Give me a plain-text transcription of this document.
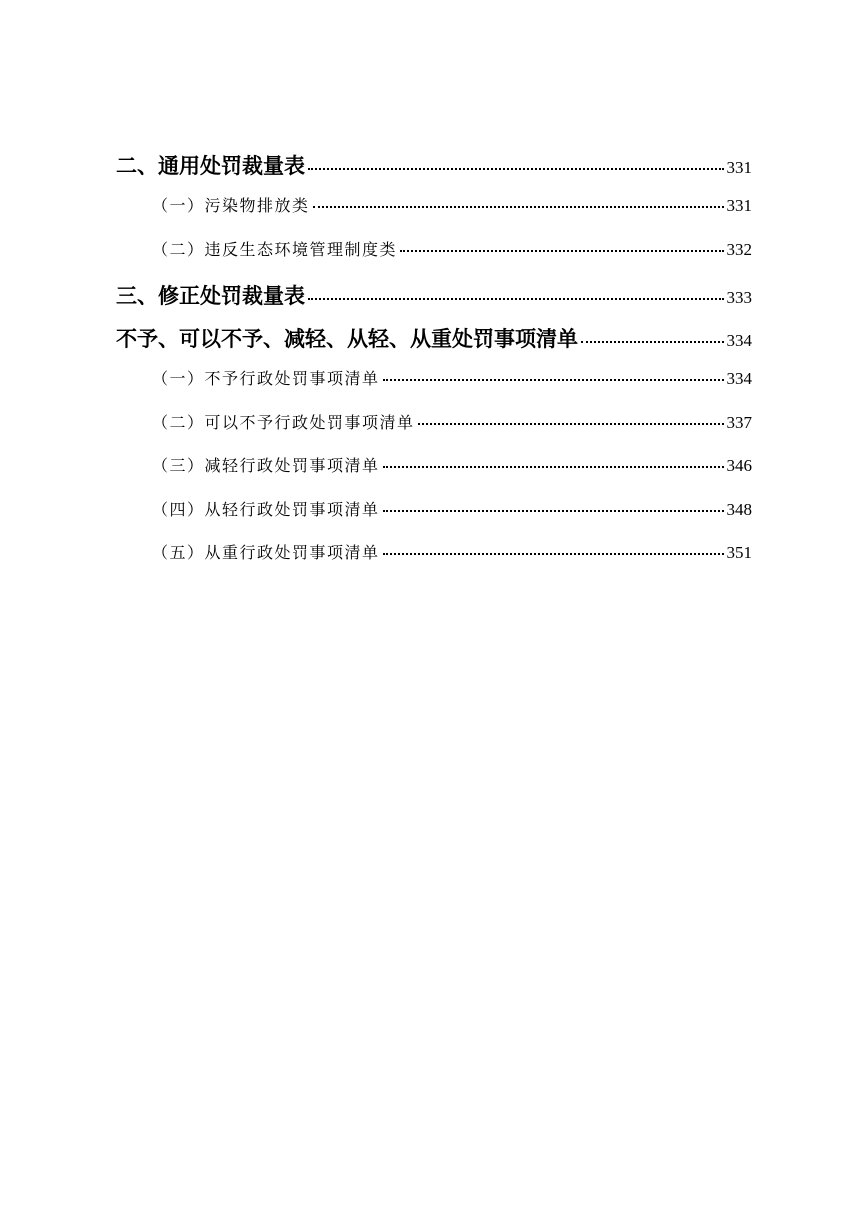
二、通用处罚裁量表	331
（一）污染物排放类	331
（二）违反生态环境管理制度类	332
三、修正处罚裁量表	333
不予、可以不予、减轻、从轻、从重处罚事项清单	334
（一）不予行政处罚事项清单	334
（二）可以不予行政处罚事项清单	337
（三）减轻行政处罚事项清单	346
（四）从轻行政处罚事项清单	348
（五）从重行政处罚事项清单	351
